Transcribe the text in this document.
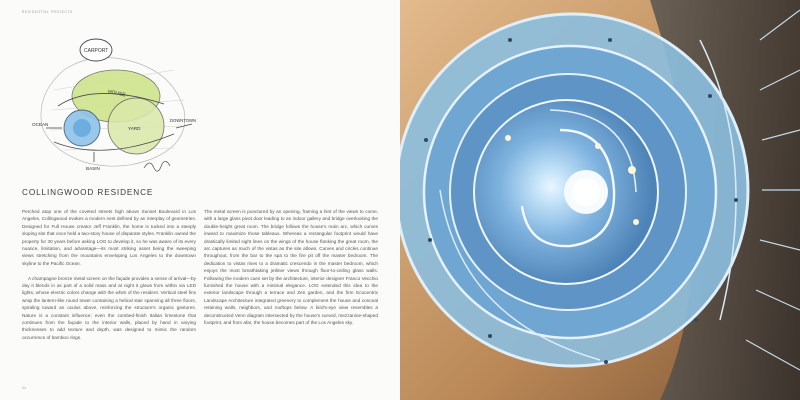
RESIDENTIAL PROJECTS
CARPORT
HOUSE
OCEAN
YARD
DOWNTOWN
BASIN
COLLINGWOOD RESIDENCE

Perched atop one of the coveted streets high above Sunset Boulevard in Los Angeles, Collingwood evokes a modern nest defined by an interplay of geometries. Designed for Full House creator Jeff Franklin, the home is tucked into a steeply sloping site that once held a two-story house of disparate styles. Franklin owned the property for 30 years before asking LOG to develop it, so he was aware of its every nuance, limitation, and advantage—its most striking asset being the sweeping views stretching from the mountains enveloping Los Angeles to the downtown skyline to the Pacific Ocean.

A champagne bronze metal screen on the façade provides a sense of arrival—by day it blends in as part of a solid mass and at night it glows from within via LED lights, whose electric colors change with the whim of the resident. Vertical steel fins wrap the lantern-like round tower containing a helical stair spanning all three floors, spiraling toward an oculus above, reinforcing the structure's organic gestures. Nature is a constant influence; even the combed-finish Italian limestone that continues from the façade to the interior walls, placed by hand in varying thicknesses to add texture and depth, was designed to mimic the random occurrence of bamboo rings.

The metal screen is punctured by an opening, framing a hint of the views to come, with a large glass pivot door leading to an indoor gallery and bridge overlooking the double-height great room. The bridge follows the house's main arc, which curves inward to maximize those tableaux. Whereas a rectangular footprint would have drastically limited sight lines on the wings of the house flanking the great room, the arc captures as much of the vistas as the site allows. Curves and circles continue throughout, from the bar to the spa to the fire pit off the master bedroom. The dedication to vistas rises to a dramatic crescendo in the master bedroom, which enjoys the most breathtaking jetliner views through floor-to-ceiling glass walls. Following the modern cues set by the architecture, interior designer Franco Vecchio furnished the house with a minimal elegance. LOG extended this idea to the exterior landscape through a terrace and Zen garden, and the firm Ecocentrix Landscape Architecture integrated greenery to complement the house and conceal retaining walls, neighbors, and rooftops below. A bird's-eye view resembles a deconstructed Venn diagram intersected by the house's curved, mezzanine-shaped footprint, and from afar, the house becomes part of the Los Angeles sky.

44
